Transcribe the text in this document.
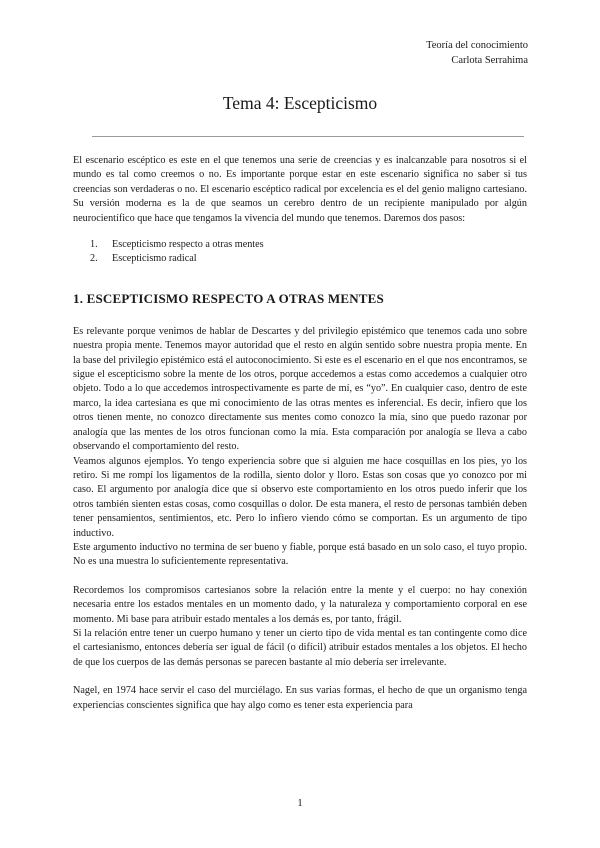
Teoría del conocimiento
Carlota Serrahima
Tema 4: Escepticismo

El escenario escéptico es este en el que tenemos una serie de creencias y es inalcanzable para nosotros si el mundo es tal como creemos o no. Es importante porque estar en este escenario significa no saber si tus creencias son verdaderas o no. El escenario escéptico radical por excelencia es el del genio maligno cartesiano. Su versión moderna es la de que seamos un cerebro dentro de un recipiente manipulado por algún neurocientífico que hace que tengamos la vivencia del mundo que tenemos. Daremos dos pasos:

1.	Escepticismo respecto a otras mentes
2.	Escepticismo radical
1. ESCEPTICISMO RESPECTO A OTRAS MENTES

Es relevante porque venimos de hablar de Descartes y del privilegio epistémico que tenemos cada uno sobre nuestra propia mente. Tenemos mayor autoridad que el resto en algún sentido sobre nuestra propia mente. En la base del privilegio epistémico está el autoconocimiento. Si este es el escenario en el que nos encontramos, se sigue el escepticismo sobre la mente de los otros, porque accedemos a estas como accedemos a cualquier otro objeto. Todo a lo que accedemos introspectivamente es parte de mí, es “yo”. En cualquier caso, dentro de este marco, la idea cartesiana es que mi conocimiento de las otras mentes es inferencial. Es decir, infiero que los otros tienen mente, no conozco directamente sus mentes como conozco la mía, sino que puedo razonar por analogía que las mentes de los otros funcionan como la mía. Esta comparación por analogía se lleva a cabo observando el comportamiento del resto.

Veamos algunos ejemplos. Yo tengo experiencia sobre que si alguien me hace cosquillas en los pies, yo los retiro. Si me rompí los ligamentos de la rodilla, siento dolor y lloro. Estas son cosas que yo conozco por mi caso. El argumento por analogía dice que si observo este comportamiento en los otros puedo inferir que los otros también sienten estas cosas, como cosquillas o dolor. De esta manera, el resto de personas también deben tener pensamientos, sentimientos, etc. Pero lo infiero viendo cómo se comportan. Es un argumento de tipo inductivo.

Este argumento inductivo no termina de ser bueno y fiable, porque está basado en un solo caso, el tuyo propio. No es una muestra lo suficientemente representativa.

Recordemos los compromisos cartesianos sobre la relación entre la mente y el cuerpo: no hay conexión necesaria entre los estados mentales en un momento dado, y la naturaleza y comportamiento corporal en ese momento. Mi base para atribuir estado mentales a los demás es, por tanto, frágil.

Si la relación entre tener un cuerpo humano y tener un cierto tipo de vida mental es tan contingente como dice el cartesianismo, entonces debería ser igual de fácil (o difícil) atribuir estados mentales a los objetos. El hecho de que los cuerpos de las demás personas se parecen bastante al mío debería ser irrelevante.

Nagel, en 1974 hace servir el caso del murciélago. En sus varias formas, el hecho de que un organismo tenga experiencias conscientes significa que hay algo como es tener esta experiencia para

1
